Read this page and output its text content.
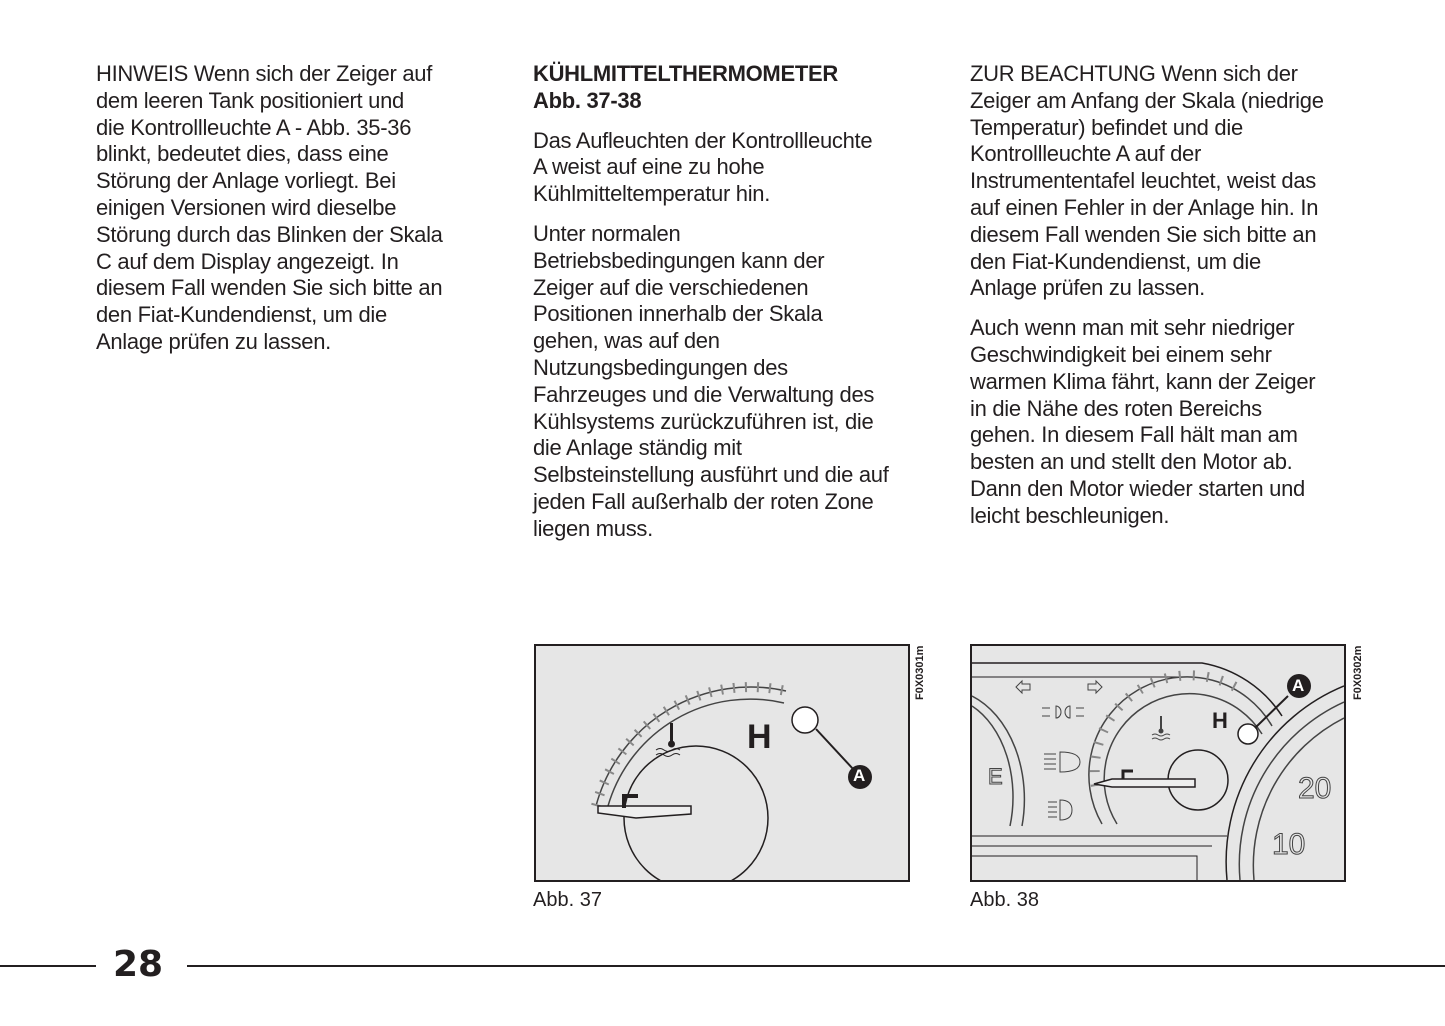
HINWEIS Wenn sich der Zeiger auf
dem leeren Tank positioniert und
die Kontrollleuchte A - Abb. 35-36
blinkt, bedeutet dies, dass eine
Störung der Anlage vorliegt. Bei
einigen Versionen wird dieselbe
Störung durch das Blinken der Skala
C auf dem Display angezeigt. In
diesem Fall wenden Sie sich bitte an
den Fiat-Kundendienst, um die
Anlage prüfen zu lassen.

KÜHLMITTELTHERMOMETER
Abb. 37-38

Das Aufleuchten der Kontrollleuchte
A weist auf eine zu hohe
Kühlmitteltemperatur hin.

Unter normalen
Betriebsbedingungen kann der
Zeiger auf die verschiedenen
Positionen innerhalb der Skala
gehen, was auf den
Nutzungsbedingungen des
Fahrzeuges und die Verwaltung des
Kühlsystems zurückzuführen ist, die
die Anlage ständig mit
Selbsteinstellung ausführt und die auf
jeden Fall außerhalb der roten Zone
liegen muss.

ZUR BEACHTUNG Wenn sich der
Zeiger am Anfang der Skala (niedrige
Temperatur) befindet und die
Kontrollleuchte A auf der
Instrumententafel leuchtet, weist das
auf einen Fehler in der Anlage hin. In
diesem Fall wenden Sie sich bitte an
den Fiat-Kundendienst, um die
Anlage prüfen zu lassen.

Auch wenn man mit sehr niedriger
Geschwindigkeit bei einem sehr
warmen Klima fährt, kann der Zeiger
in die Nähe des roten Bereichs
gehen. In diesem Fall hält man am
besten an und stellt den Motor ab.
Dann den Motor wieder starten und
leicht beschleunigen.

H
A
F0X0301m
Abb. 37
H
A
E	20
10
F0X0302m
Abb. 38
28
